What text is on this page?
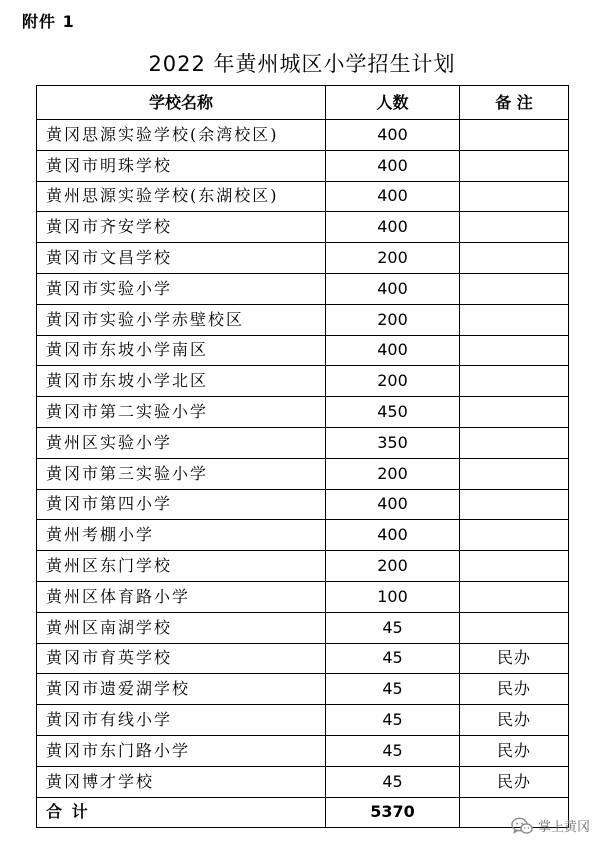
附件 1
2022 年黄州城区小学招生计划
学校名称	人数	备 注
黄冈思源实验学校(余湾校区)	400	
黄冈市明珠学校	400	
黄州思源实验学校(东湖校区)	400	
黄冈市齐安学校	400	
黄冈市文昌学校	200	
黄冈市实验小学	400	
黄冈市实验小学赤壁校区	200	
黄冈市东坡小学南区	400	
黄冈市东坡小学北区	200	
黄冈市第二实验小学	450	
黄州区实验小学	350	
黄冈市第三实验小学	200	
黄冈市第四小学	400	
黄州考棚小学	400	
黄州区东门学校	200	
黄州区体育路小学	100	
黄州区南湖学校	45	
黄冈市育英学校	45	民办
黄冈市遗爱湖学校	45	民办
黄冈市有线小学	45	民办
黄冈市东门路小学	45	民办
黄冈博才学校	45	民办
合 计	5370	
掌上黄冈
